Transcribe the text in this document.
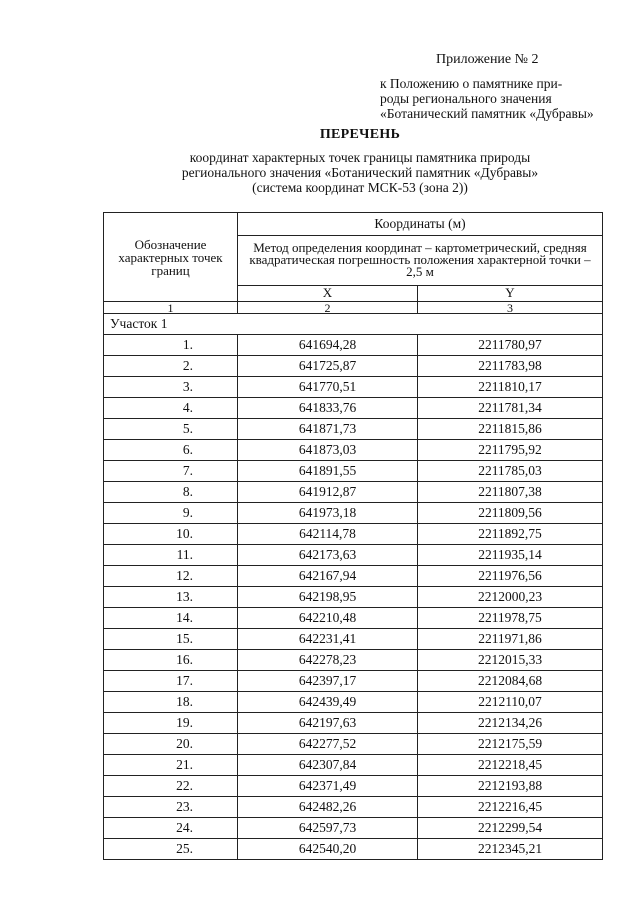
Приложение № 2
к Положению о памятнике при-
роды регионального значения
«Ботанический памятник «Дубравы»
ПЕРЕЧЕНЬ
координат характерных точек границы памятника природы
регионального значения «Ботанический памятник «Дубравы»
(система координат МСК-53 (зона 2))
Обозначение характерных точек границ	Координаты (м)	
	Метод определения координат – картометрический, средняя квадратическая погрешность положения характерной точки – 2,5 м	
	X	Y
1	2	3
Участок 1		
1.	641694,28	2211780,97
2.	641725,87	2211783,98
3.	641770,51	2211810,17
4.	641833,76	2211781,34
5.	641871,73	2211815,86
6.	641873,03	2211795,92
7.	641891,55	2211785,03
8.	641912,87	2211807,38
9.	641973,18	2211809,56
10.	642114,78	2211892,75
11.	642173,63	2211935,14
12.	642167,94	2211976,56
13.	642198,95	2212000,23
14.	642210,48	2211978,75
15.	642231,41	2211971,86
16.	642278,23	2212015,33
17.	642397,17	2212084,68
18.	642439,49	2212110,07
19.	642197,63	2212134,26
20.	642277,52	2212175,59
21.	642307,84	2212218,45
22.	642371,49	2212193,88
23.	642482,26	2212216,45
24.	642597,73	2212299,54
25.	642540,20	2212345,21
